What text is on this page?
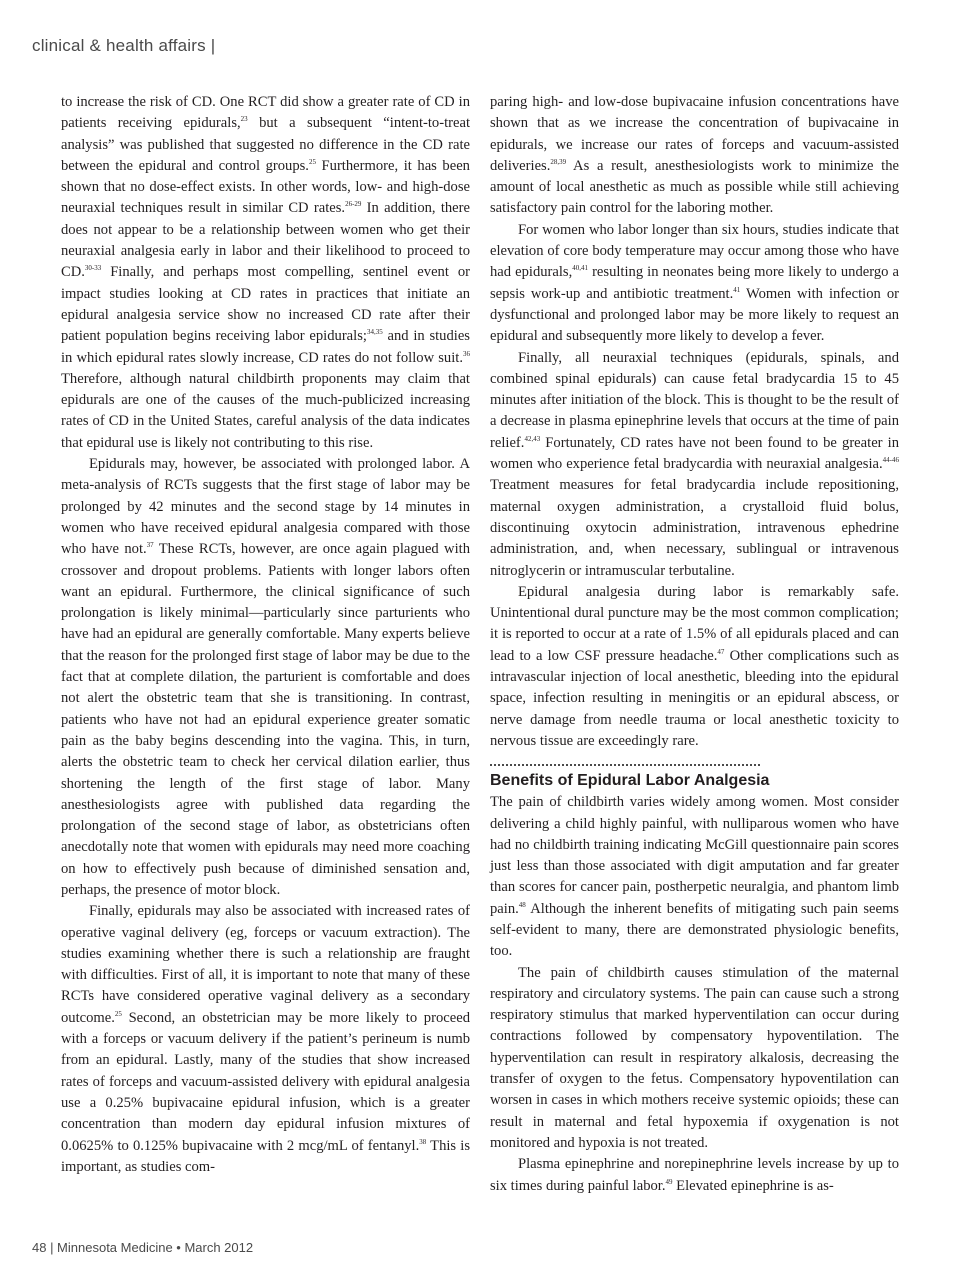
clinical & health affairs |

to increase the risk of CD. One RCT did show a greater rate of CD in patients receiving epidurals,$^{23}$ but a subsequent “intent-to-treat analysis” was published that suggested no difference in the CD rate between the epidural and control groups.$^{25}$ Furthermore, it has been shown that no dose-effect exists. In other words, low- and high-dose neuraxial techniques result in similar CD rates.$^{26-29}$ In addition, there does not appear to be a relationship between women who get their neuraxial analgesia early in labor and their likelihood to proceed to CD.$^{30-33}$ Finally, and perhaps most compelling, sentinel event or impact studies looking at CD rates in practices that initiate an epidural analgesia service show no increased CD rate after their patient population begins receiving labor epidurals;$^{34,35}$ and in studies in which epidural rates slowly increase, CD rates do not follow suit.$^{36}$ Therefore, although natural childbirth proponents may claim that epidurals are one of the causes of the much-publicized increasing rates of CD in the United States, careful analysis of the data indicates that epidural use is likely not contributing to this rise.

Epidurals may, however, be associated with prolonged labor. A meta-analysis of RCTs suggests that the first stage of labor may be prolonged by 42 minutes and the second stage by 14 minutes in women who have received epidural analgesia compared with those who have not.$^{37}$ These RCTs, however, are once again plagued with crossover and dropout problems. Patients with longer labors often want an epidural. Furthermore, the clinical significance of such prolongation is likely minimal—particularly since parturients who have had an epidural are generally comfortable. Many experts believe that the reason for the prolonged first stage of labor may be due to the fact that at complete dilation, the parturient is comfortable and does not alert the obstetric team that she is transitioning. In contrast, patients who have not had an epidural experience greater somatic pain as the baby begins descending into the vagina. This, in turn, alerts the obstetric team to check her cervical dilation earlier, thus shortening the length of the first stage of labor. Many anesthesiologists agree with published data regarding the prolongation of the second stage of labor, as obstetricians often anecdotally note that women with epidurals may need more coaching on how to effectively push because of diminished sensation and, perhaps, the presence of motor block.

Finally, epidurals may also be associated with increased rates of operative vaginal delivery (eg, forceps or vacuum extraction). The studies examining whether there is such a relationship are fraught with difficulties. First of all, it is important to note that many of these RCTs have considered operative vaginal delivery as a secondary outcome.$^{25}$ Second, an obstetrician may be more likely to proceed with a forceps or vacuum delivery if the patient’s perineum is numb from an epidural. Lastly, many of the studies that show increased rates of forceps and vacuum-assisted delivery with epidural analgesia use a 0.25% bupivacaine epidural infusion, which is a greater concentration than modern day epidural infusion mixtures of 0.0625% to 0.125% bupivacaine with 2 mcg/mL of fentanyl.$^{38}$ This is important, as studies com-

paring high- and low-dose bupivacaine infusion concentrations have shown that as we increase the concentration of bupivacaine in epidurals, we increase our rates of forceps and vacuum-assisted deliveries.$^{28,39}$ As a result, anesthesiologists work to minimize the amount of local anesthetic as much as possible while still achieving satisfactory pain control for the laboring mother.

For women who labor longer than six hours, studies indicate that elevation of core body temperature may occur among those who have had epidurals,$^{40,41}$ resulting in neonates being more likely to undergo a sepsis work-up and antibiotic treatment.$^{41}$ Women with infection or dysfunctional and prolonged labor may be more likely to request an epidural and subsequently more likely to develop a fever.

Finally, all neuraxial techniques (epidurals, spinals, and combined spinal epidurals) can cause fetal bradycardia 15 to 45 minutes after initiation of the block. This is thought to be the result of a decrease in plasma epinephrine levels that occurs at the time of pain relief.$^{42,43}$ Fortunately, CD rates have not been found to be greater in women who experience fetal bradycardia with neuraxial analgesia.$^{44-46}$ Treatment measures for fetal bradycardia include repositioning, maternal oxygen administration, a crystalloid fluid bolus, discontinuing oxytocin administration, intravenous ephedrine administration, and, when necessary, sublingual or intravenous nitroglycerin or intramuscular terbutaline.

Epidural analgesia during labor is remarkably safe. Unintentional dural puncture may be the most common complication; it is reported to occur at a rate of 1.5% of all epidurals placed and can lead to a low CSF pressure headache.$^{47}$ Other complications such as intravascular injection of local anesthetic, bleeding into the epidural space, infection resulting in meningitis or an epidural abscess, or nerve damage from needle trauma or local anesthetic toxicity to nervous tissue are exceedingly rare.

Benefits of Epidural Labor Analgesia

The pain of childbirth varies widely among women. Most consider delivering a child highly painful, with nulliparous women who have had no childbirth training indicating McGill questionnaire pain scores just less than those associated with digit amputation and far greater than scores for cancer pain, postherpetic neuralgia, and phantom limb pain.$^{48}$ Although the inherent benefits of mitigating such pain seems self-evident to many, there are demonstrated physiologic benefits, too.

The pain of childbirth causes stimulation of the maternal respiratory and circulatory systems. The pain can cause such a strong respiratory stimulus that marked hyperventilation can occur during contractions followed by compensatory hypoventilation. The hyperventilation can result in respiratory alkalosis, decreasing the transfer of oxygen to the fetus. Compensatory hypoventilation can worsen in cases in which mothers receive systemic opioids; these can result in maternal and fetal hypoxemia if oxygenation is not monitored and hypoxia is not treated.

Plasma epinephrine and norepinephrine levels increase by up to six times during painful labor.$^{49}$ Elevated epinephrine is as-

48 | Minnesota Medicine • March 2012
